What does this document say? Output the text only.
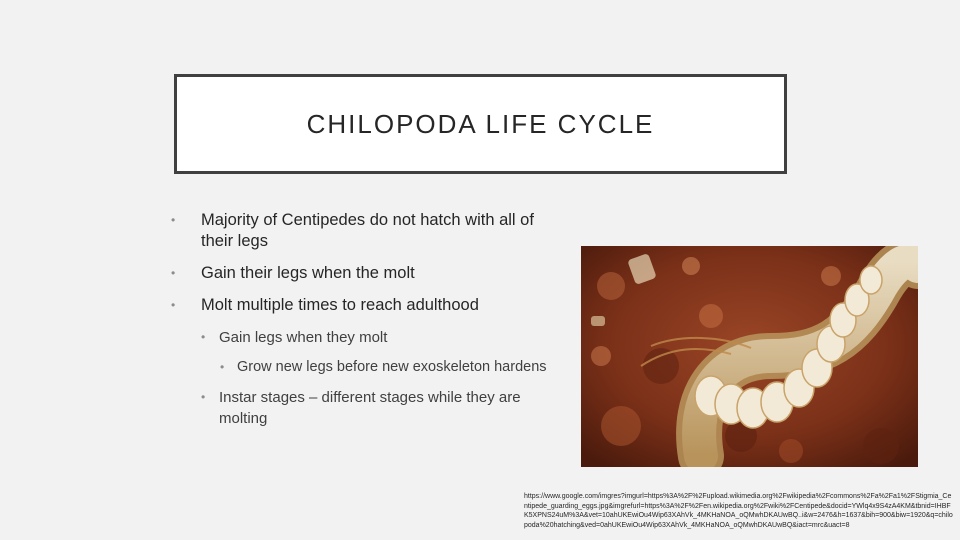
CHILOPODA LIFE CYCLE
• Majority of Centipedes do not hatch with all of their legs
• Gain their legs when the molt
• Molt multiple times to reach adulthood
• Gain legs when they molt
• Grow new legs before new exoskeleton hardens
• Instar stages – different stages while they are molting
https://www.google.com/imgres?imgurl=https%3A%2F%2Fupload.wikimedia.org%2Fwikipedia%2Fcommons%2Fa%2Fa1%2FStigmia_Centipede_guarding_eggs.jpg&imgrefurl=https%3A%2F%2Fen.wikipedia.org%2Fwiki%2FCentipede&docid=YWlq4x9S4zA4KM&tbnid=IHBFK5XPNS24uM%3A&vet=10ahUKEwiOu4Wip63XAhVk_4MKHaNOA_oQMwhDKAUwBQ..i&w=2476&h=1637&bih=900&biw=1920&q=chilopoda%20hatching&ved=0ahUKEwiOu4Wip63XAhVk_4MKHaNOA_oQMwhDKAUwBQ&iact=mrc&uact=8
